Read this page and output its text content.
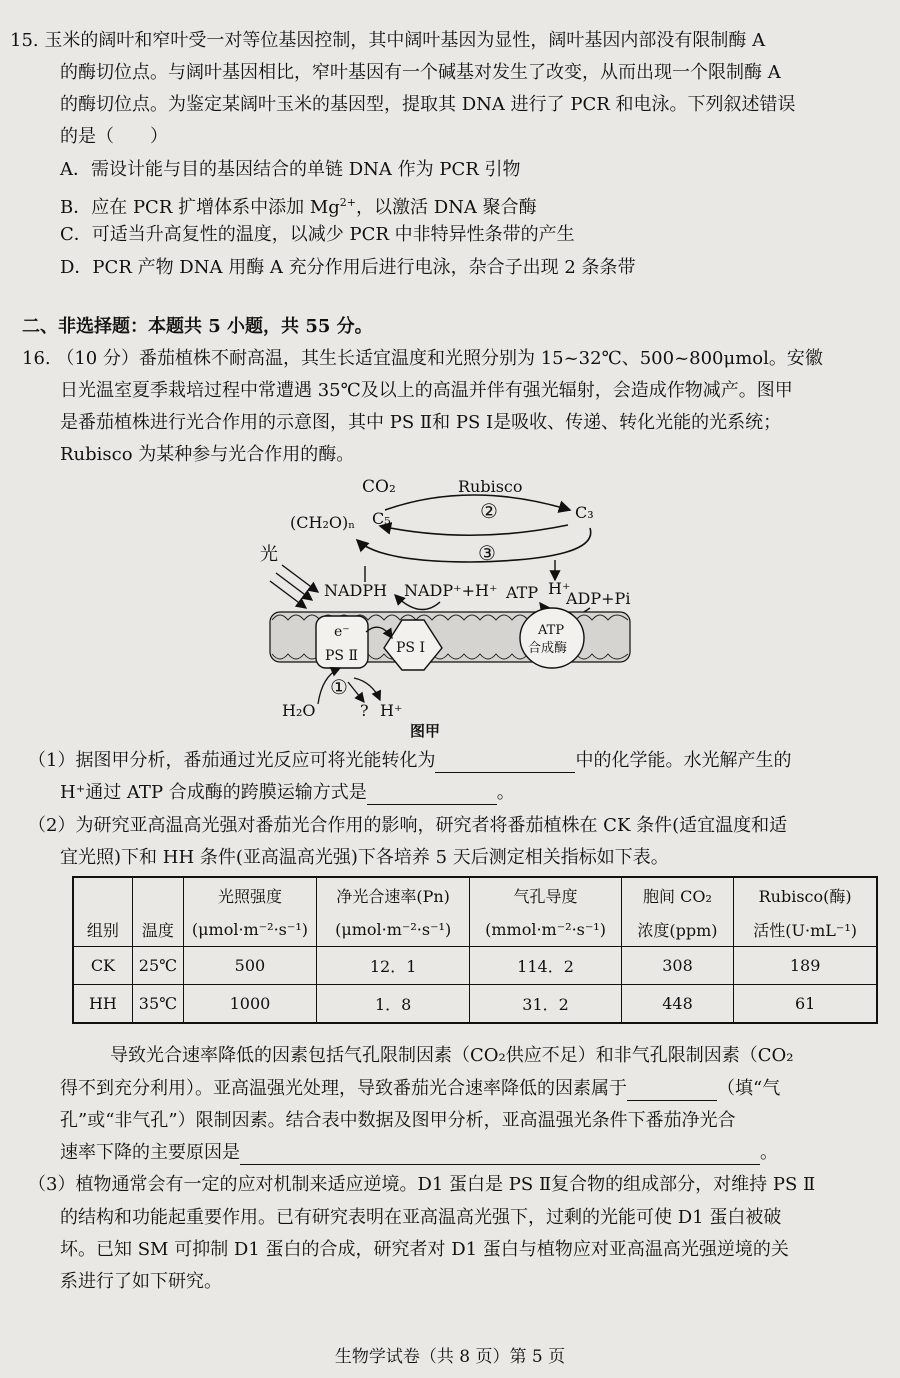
15. 玉米的阔叶和窄叶受一对等位基因控制，其中阔叶基因为显性，阔叶基因内部没有限制酶 A
的酶切位点。与阔叶基因相比，窄叶基因有一个碱基对发生了改变，从而出现一个限制酶 A
的酶切位点。为鉴定某阔叶玉米的基因型，提取其 DNA 进行了 PCR 和电泳。下列叙述错误
的是（　　）
A．需设计能与目的基因结合的单链 DNA 作为 PCR 引物
B．应在 PCR 扩增体系中添加 $Mg^{2+}$，以激活 DNA 聚合酶
C．可适当升高复性的温度，以减少 PCR 中非特异性条带的产生
D．PCR 产物 DNA 用酶 A 充分作用后进行电泳，杂合子出现 2 条条带
二、非选择题：本题共 5 小题，共 55 分。
16. （10 分）番茄植株不耐高温，其生长适宜温度和光照分别为 15~32℃、500~800μmol。安徽
日光温室夏季栽培过程中常遭遇 35℃及以上的高温并伴有强光辐射，会造成作物减产。图甲
是番茄植株进行光合作用的示意图，其中 PS Ⅱ和 PS Ⅰ是吸收、传递、转化光能的光系统；
Rubisco 为某种参与光合作用的酶。
CO₂	Rubisco
(CH₂O)ₙ C₅	C₃
②
③
光
NADPH NADP⁺+H⁺ ATP H⁺
ADP+Pi
e⁻
PS Ⅱ	PS Ⅰ
ATP
合成酶
①
H₂O	? H⁺
图甲
（1）据图甲分析，番茄通过光反应可将光能转化为	中的化学能。水光解产生的
H⁺通过 ATP 合成酶的跨膜运输方式是	。
（2）为研究亚高温高光强对番茄光合作用的影响，研究者将番茄植株在 CK 条件(适宜温度和适
宜光照)下和 HH 条件(亚高温高光强)下各培养 5 天后测定相关指标如下表。
		光照强度	净光合速率(Pn)	气孔导度	胞间 CO₂	Rubisco(酶)
组别	温度	(μmol·m⁻²·s⁻¹)	(μmol·m⁻²·s⁻¹)	(mmol·m⁻²·s⁻¹)	浓度(ppm)	活性(U·mL⁻¹)
CK	25℃	500	12．1	114．2	308	189
HH	35℃	1000	1．8	31．2	448	61
导致光合速率降低的因素包括气孔限制因素（CO₂供应不足）和非气孔限制因素（CO₂
得不到充分利用）。亚高温强光处理，导致番茄光合速率降低的因素属于	（填“气
孔”或“非气孔”）限制因素。结合表中数据及图甲分析，亚高温强光条件下番茄净光合
速率下降的主要原因是	。
（3）植物通常会有一定的应对机制来适应逆境。D1 蛋白是 PS Ⅱ复合物的组成部分，对维持 PS Ⅱ
的结构和功能起重要作用。已有研究表明在亚高温高光强下，过剩的光能可使 D1 蛋白被破
坏。已知 SM 可抑制 D1 蛋白的合成，研究者对 D1 蛋白与植物应对亚高温高光强逆境的关
系进行了如下研究。
生物学试卷（共 8 页）第 5 页
